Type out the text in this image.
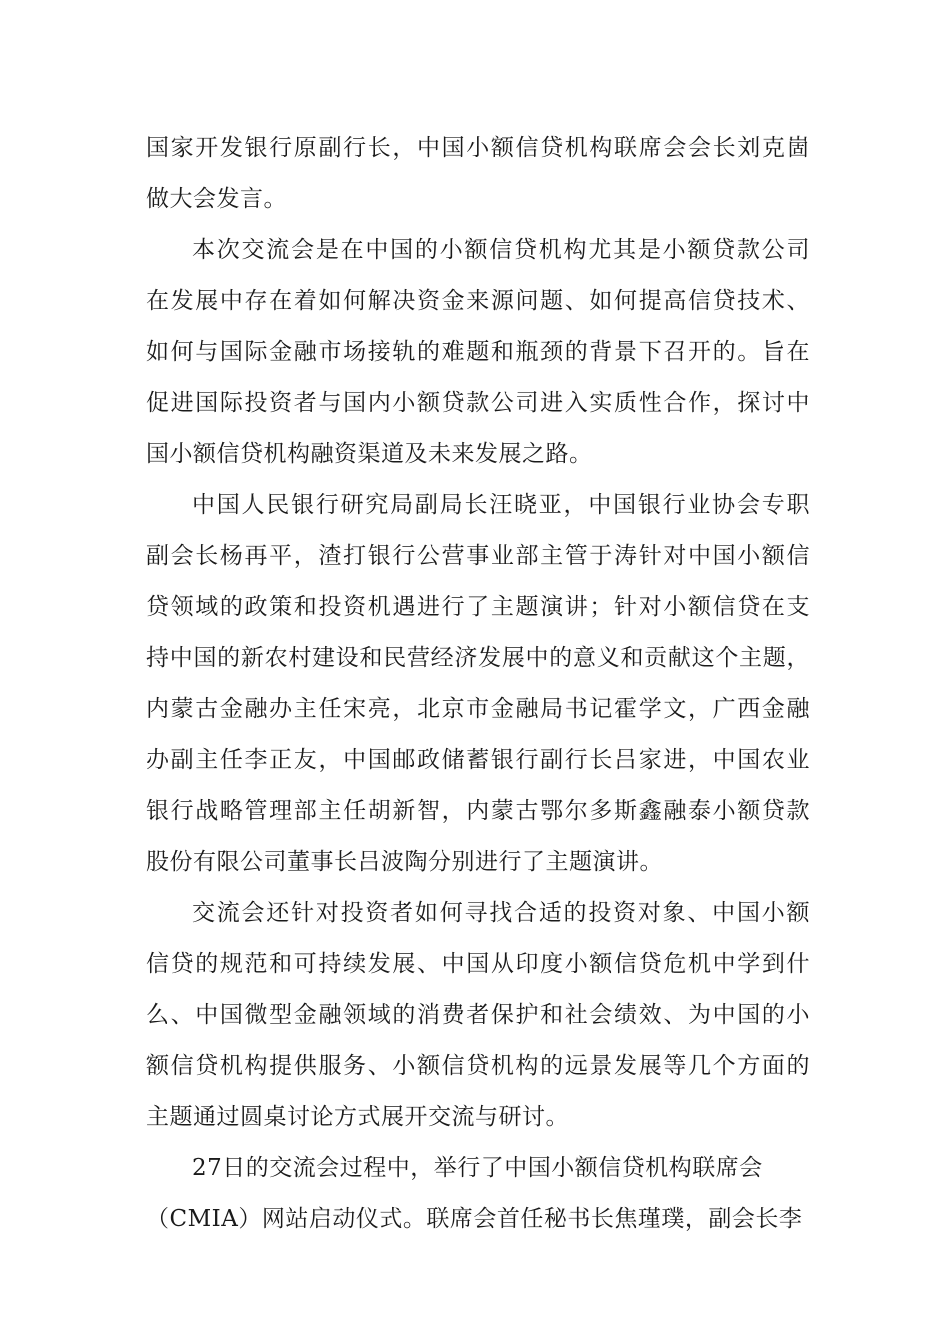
国家开发银行原副行长，中国小额信贷机构联席会会长刘克崮
做大会发言。
本次交流会是在中国的小额信贷机构尤其是小额贷款公司
在发展中存在着如何解决资金来源问题、如何提高信贷技术、
如何与国际金融市场接轨的难题和瓶颈的背景下召开的。旨在
促进国际投资者与国内小额贷款公司进入实质性合作，探讨中
国小额信贷机构融资渠道及未来发展之路。
中国人民银行研究局副局长汪晓亚，中国银行业协会专职
副会长杨再平，渣打银行公营事业部主管于涛针对中国小额信
贷领域的政策和投资机遇进行了主题演讲；针对小额信贷在支
持中国的新农村建设和民营经济发展中的意义和贡献这个主题，
内蒙古金融办主任宋亮，北京市金融局书记霍学文，广西金融
办副主任李正友，中国邮政储蓄银行副行长吕家进，中国农业
银行战略管理部主任胡新智，内蒙古鄂尔多斯鑫融泰小额贷款
股份有限公司董事长吕波陶分别进行了主题演讲。
交流会还针对投资者如何寻找合适的投资对象、中国小额
信贷的规范和可持续发展、中国从印度小额信贷危机中学到什
么、中国微型金融领域的消费者保护和社会绩效、为中国的小
额信贷机构提供服务、小额信贷机构的远景发展等几个方面的
主题通过圆桌讨论方式展开交流与研讨。
27日的交流会过程中，举行了中国小额信贷机构联席会
（CMIA）网站启动仪式。联席会首任秘书长焦瑾璞，副会长李
